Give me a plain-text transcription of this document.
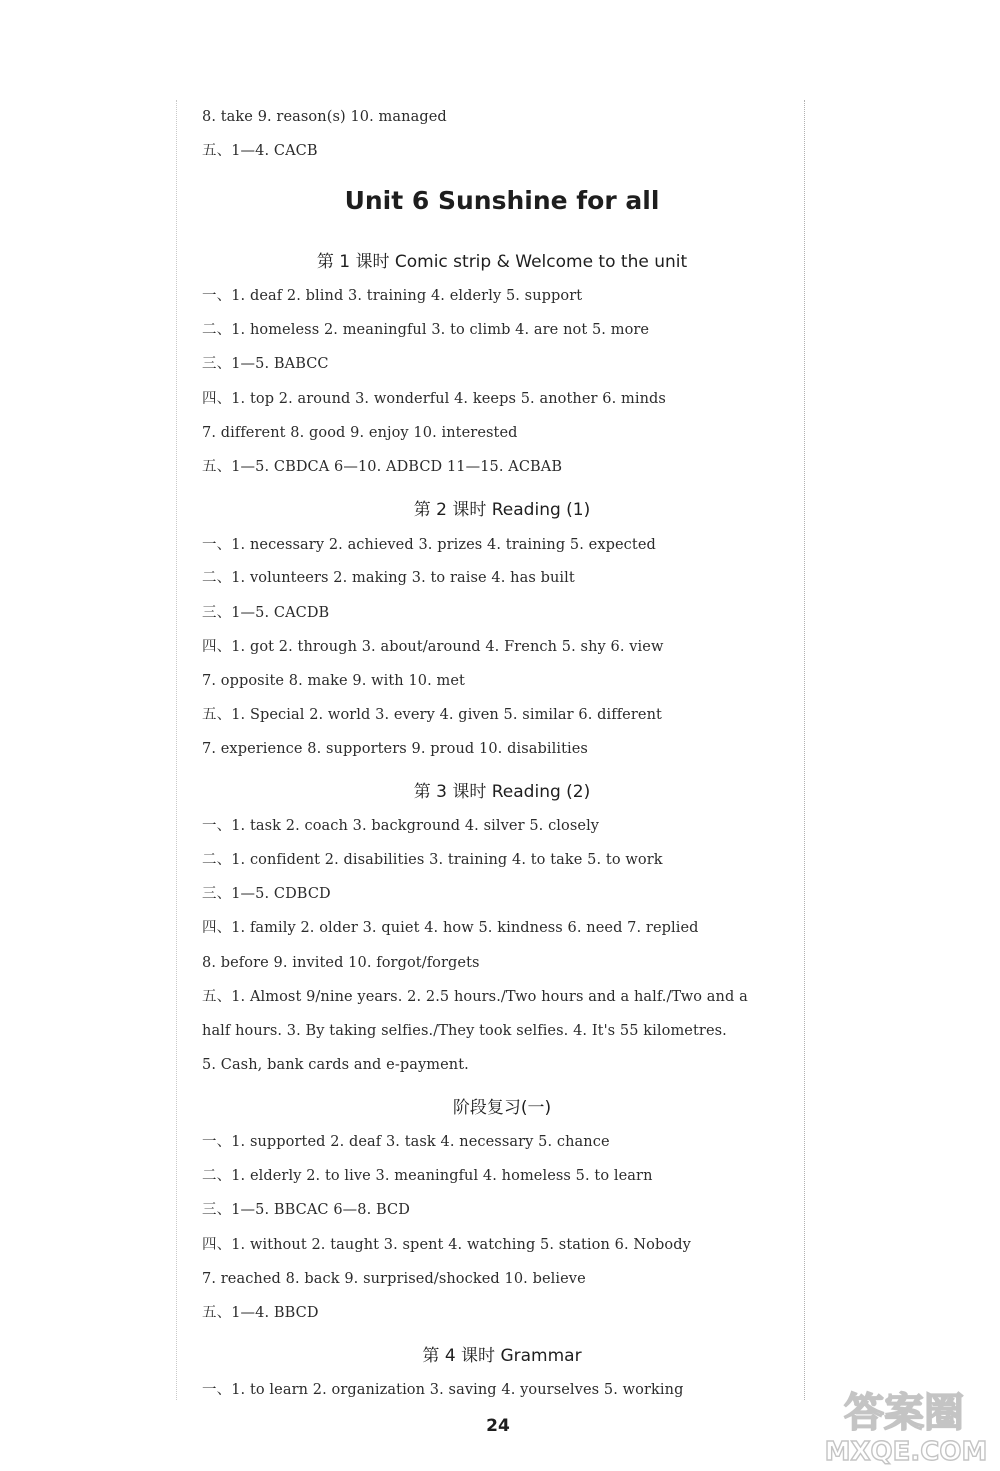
8. take 9. reason(s) 10. managed
五、1—4. CACB
Unit 6 Sunshine for all
第 1 课时 Comic strip & Welcome to the unit
一、1. deaf 2. blind 3. training 4. elderly 5. support
二、1. homeless 2. meaningful 3. to climb 4. are not 5. more
三、1—5. BABCC
四、1. top 2. around 3. wonderful 4. keeps 5. another 6. minds
7. different 8. good 9. enjoy 10. interested
五、1—5. CBDCA 6—10. ADBCD 11—15. ACBAB
第 2 课时 Reading (1)
一、1. necessary 2. achieved 3. prizes 4. training 5. expected
二、1. volunteers 2. making 3. to raise 4. has built
三、1—5. CACDB
四、1. got 2. through 3. about/around 4. French 5. shy 6. view
7. opposite 8. make 9. with 10. met
五、1. Special 2. world 3. every 4. given 5. similar 6. different
7. experience 8. supporters 9. proud 10. disabilities
第 3 课时 Reading (2)
一、1. task 2. coach 3. background 4. silver 5. closely
二、1. confident 2. disabilities 3. training 4. to take 5. to work
三、1—5. CDBCD
四、1. family 2. older 3. quiet 4. how 5. kindness 6. need 7. replied
8. before 9. invited 10. forgot/forgets
五、1. Almost 9/nine years. 2. 2.5 hours./Two hours and a half./Two and a
half hours. 3. By taking selfies./They took selfies. 4. It's 55 kilometres.
5. Cash, bank cards and e-payment.
阶段复习(一)
一、1. supported 2. deaf 3. task 4. necessary 5. chance
二、1. elderly 2. to live 3. meaningful 4. homeless 5. to learn
三、1—5. BBCAC 6—8. BCD
四、1. without 2. taught 3. spent 4. watching 5. station 6. Nobody
7. reached 8. back 9. surprised/shocked 10. believe
五、1—4. BBCD
第 4 课时 Grammar
一、1. to learn 2. organization 3. saving 4. yourselves 5. working
24	答案圈
MXQE.COM
